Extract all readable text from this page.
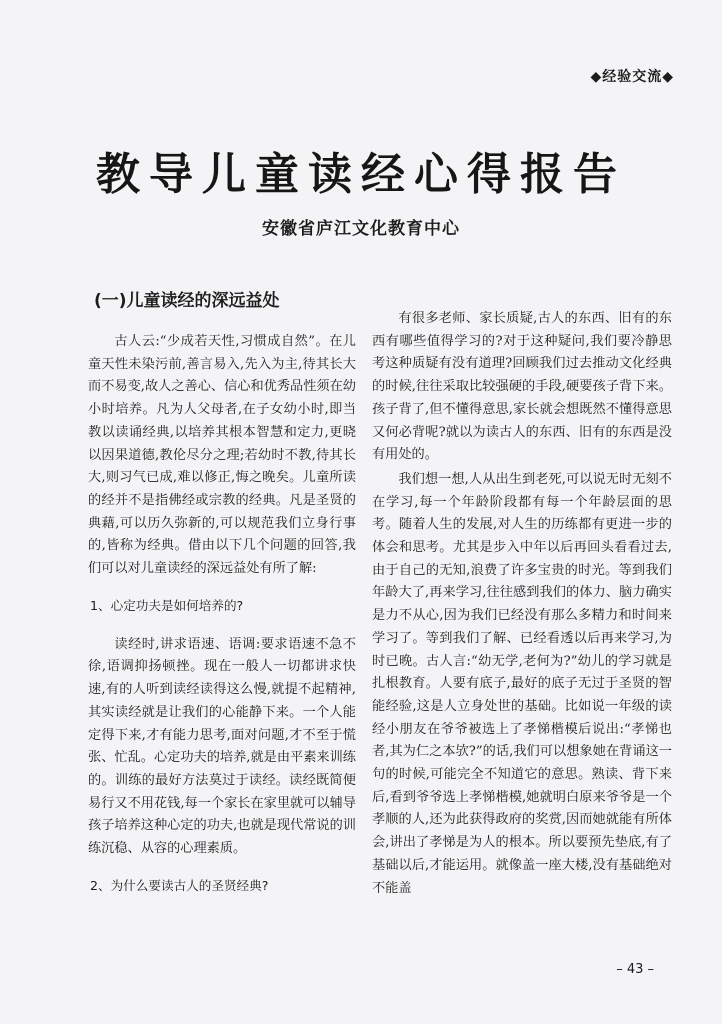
◆经验交流◆
教导儿童读经心得报告
安徽省庐江文化教育中心
(一)儿童读经的深远益处

古人云:“少成若天性,习惯成自然”。在儿童天性未染污前,善言易入,先入为主,待其长大而不易变,故人之善心、信心和优秀品性须在幼小时培养。凡为人父母者,在子女幼小时,即当教以读诵经典,以培养其根本智慧和定力,更晓以因果道德,教伦尽分之理;若幼时不教,待其长大,则习气已成,难以修正,悔之晚矣。儿童所读的经并不是指佛经或宗教的经典。凡是圣贤的典藉,可以历久弥新的,可以规范我们立身行事的,皆称为经典。借由以下几个问题的回答,我们可以对儿童读经的深远益处有所了解:

1、心定功夫是如何培养的?

读经时,讲求语速、语调:要求语速不急不徐,语调抑扬顿挫。现在一般人一切都讲求快速,有的人听到读经读得这么慢,就提不起精神,其实读经就是让我们的心能静下来。一个人能定得下来,才有能力思考,面对问题,才不至于慌张、忙乱。心定功夫的培养,就是由平素来训练的。训练的最好方法莫过于读经。读经既简便易行又不用花钱,每一个家长在家里就可以辅导孩子培养这种心定的功夫,也就是现代常说的训练沉稳、从容的心理素质。

2、为什么要读古人的圣贤经典?

有很多老师、家长质疑,古人的东西、旧有的东西有哪些值得学习的?对于这种疑问,我们要冷静思考这种质疑有没有道理?回顾我们过去推动文化经典的时候,往往采取比较强硬的手段,硬要孩子背下来。孩子背了,但不懂得意思,家长就会想既然不懂得意思又何必背呢?就以为读古人的东西、旧有的东西是没有用处的。

我们想一想,人从出生到老死,可以说无时无刻不在学习,每一个年龄阶段都有每一个年龄层面的思考。随着人生的发展,对人生的历练都有更进一步的体会和思考。尤其是步入中年以后再回头看看过去,由于自己的无知,浪费了许多宝贵的时光。等到我们年龄大了,再来学习,往往感到我们的体力、脑力确实是力不从心,因为我们已经没有那么多精力和时间来学习了。等到我们了解、已经看透以后再来学习,为时已晚。古人言:“幼无学,老何为?”幼儿的学习就是扎根教育。人要有底子,最好的底子无过于圣贤的智能经验,这是人立身处世的基础。比如说一年级的读经小朋友在爷爷被选上了孝悌楷模后说出:“孝悌也者,其为仁之本欤?”的话,我们可以想象她在背诵这一句的时候,可能完全不知道它的意思。熟读、背下来后,看到爷爷选上孝悌楷模,她就明白原来爷爷是一个孝顺的人,还为此获得政府的奖赏,因而她就能有所体会,讲出了孝悌是为人的根本。所以要预先垫底,有了基础以后,才能运用。就像盖一座大楼,没有基础绝对不能盖

– 43 –
